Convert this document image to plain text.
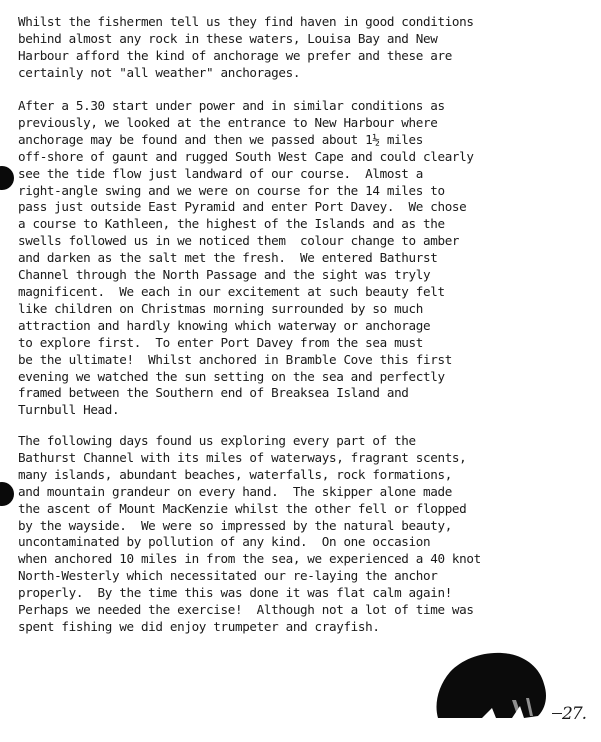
Whilst the fishermen tell us they find haven in good conditions
behind almost any rock in these waters, Louisa Bay and New
Harbour afford the kind of anchorage we prefer and these are
certainly not "all weather" anchorages.
After a 5.30 start under power and in similar conditions as
previously, we looked at the entrance to New Harbour where
anchorage may be found and then we passed about 1½ miles
off-shore of gaunt and rugged South West Cape and could clearly
see the tide flow just landward of our course.  Almost a
right-angle swing and we were on course for the 14 miles to
pass just outside East Pyramid and enter Port Davey.  We chose
a course to Kathleen, the highest of the Islands and as the
swells followed us in we noticed them  colour change to amber
and darken as the salt met the fresh.  We entered Bathurst
Channel through the North Passage and the sight was tryly
magnificent.  We each in our excitement at such beauty felt
like children on Christmas morning surrounded by so much
attraction and hardly knowing which waterway or anchorage
to explore first.  To enter Port Davey from the sea must
be the ultimate!  Whilst anchored in Bramble Cove this first
evening we watched the sun setting on the sea and perfectly
framed between the Southern end of Breaksea Island and
Turnbull Head.
The following days found us exploring every part of the
Bathurst Channel with its miles of waterways, fragrant scents,
many islands, abundant beaches, waterfalls, rock formations,
and mountain grandeur on every hand.  The skipper alone made
the ascent of Mount MacKenzie whilst the other fell or flopped
by the wayside.  We were so impressed by the natural beauty,
uncontaminated by pollution of any kind.  On one occasion
when anchored 10 miles in from the sea, we experienced a 40 knot
North-Westerly which necessitated our re-laying the anchor
properly.  By the time this was done it was flat calm again!
Perhaps we needed the exercise!  Although not a lot of time was
spent fishing we did enjoy trumpeter and crayfish.
27.
